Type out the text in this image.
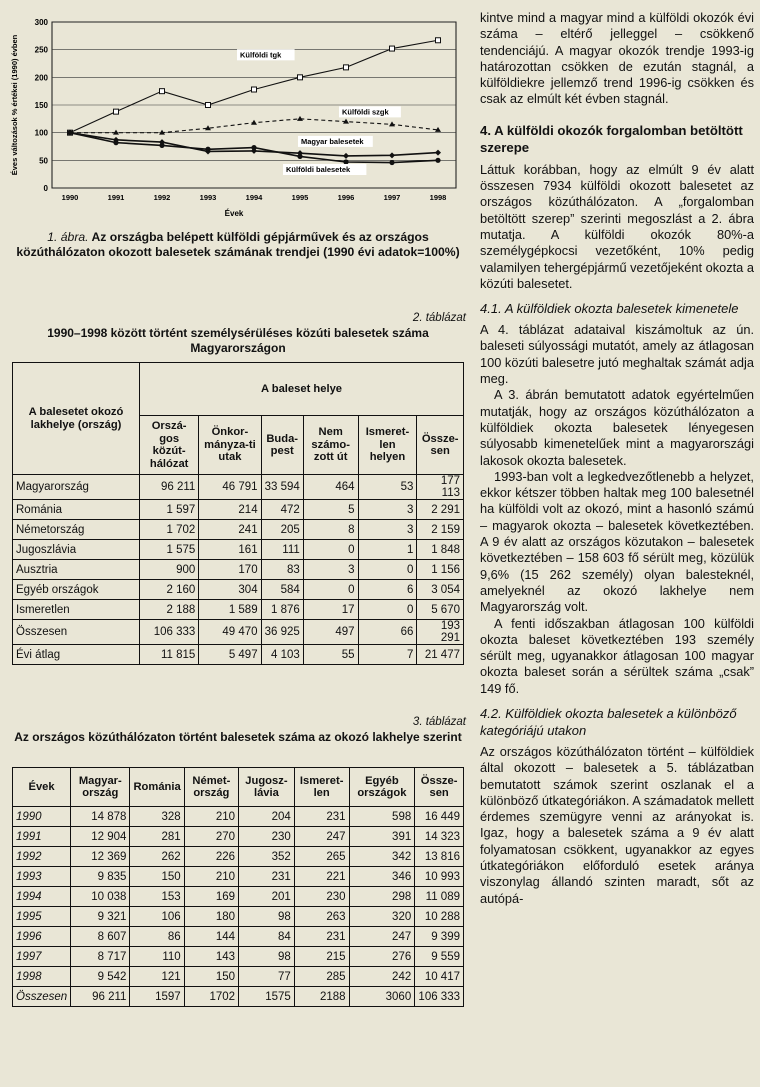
0
50
100
150
200
250
300
1990	1991	1992	1993	1994	1995	1996	1997	1998
Évek
Éves változások % értékei (1990) évben	Külföldi tgk
Külföldi szgk
Magyar balesetek
Külföldi balesetek
1. ábra. Az országba belépett külföldi gépjárművek és az országos közúthálózaton okozott balesetek számának trendjei (1990 évi adatok=100%)
2. táblázat
1990–1998 között történt személysérüléses közúti balesetek száma Magyarországon
A balesetet okozó lakhelye (ország)	A baleset helye					
	Orszá-gos közút-hálózat	Önkor-mányza-ti utak	Buda-pest	Nem számo-zott út	Ismeret-len helyen	Össze-sen
Magyarország	96 211	46 791	33 594	464	53	177 113
Románia	1 597	214	472	5	3	2 291
Németország	1 702	241	205	8	3	2 159
Jugoszlávia	1 575	161	111	0	1	1 848
Ausztria	900	170	83	3	0	1 156
Egyéb országok	2 160	304	584	0	6	3 054
Ismeretlen	2 188	1 589	1 876	17	0	5 670
Összesen	106 333	49 470	36 925	497	66	193 291
Évi átlag	11 815	5 497	4 103	55	7	21 477
3. táblázat
Az országos közúthálózaton történt balesetek száma az okozó lakhelye szerint
Évek	Magyar-ország	Románia	Német-ország	Jugosz-lávia	Ismeret-len	Egyéb országok	Össze-sen
1990	14 878	328	210	204	231	598	16 449
1991	12 904	281	270	230	247	391	14 323
1992	12 369	262	226	352	265	342	13 816
1993	9 835	150	210	231	221	346	10 993
1994	10 038	153	169	201	230	298	11 089
1995	9 321	106	180	98	263	320	10 288
1996	8 607	86	144	84	231	247	9 399
1997	8 717	110	143	98	215	276	9 559
1998	9 542	121	150	77	285	242	10 417
Összesen	96 211	1597	1702	1575	2188	3060	106 333

kintve mind a magyar mind a külföldi okozók évi száma – eltérő jelleggel – csökkenő tendenciájú. A magyar okozók trendje 1993-ig határozottan csökken de ezután stagnál, a külföldiekre jellemző trend 1996-ig csökken és csak az elmúlt két évben stagnál.

4. A külföldi okozók forgalomban betöltött szerepe

Láttuk korábban, hogy az elmúlt 9 év alatt összesen 7934 külföldi okozott balesetet az országos közúthálózaton. A „forgalomban betöltött szerep” szerinti megoszlást a 2. ábra mutatja. A külföldi okozók 80%-a személygépkocsi vezetőként, 10% pedig valamilyen tehergépjármű vezetőjeként okozta a közúti balesetet.

4.1. A külföldiek okozta balesetek kimenetele

A 4. táblázat adataival kiszámoltuk az ún. baleseti súlyossági mutatót, amely az átlagosan 100 közúti balesetre jutó meghaltak számát adja meg.

A 3. ábrán bemutatott adatok egyértelműen mutatják, hogy az országos közúthálózaton a külföldiek okozta balesetek lényegesen súlyosabb kimenetelűek mint a magyarországi lakosok okozta balesetek.

1993-ban volt a legkedvezőtlenebb a helyzet, ekkor kétszer többen haltak meg 100 balesetnél ha külföldi volt az okozó, mint a hasonló számú – magyarok okozta – balesetek következtében. A 9 év alatt az országos közutakon – balesetek következtében – 158 603 fő sérült meg, közülük 9,6% (15 262 személy) olyan balesteknél, amelyeknél az okozó lakhelye nem Magyarország volt.

A fenti időszakban átlagosan 100 külföldi okozta baleset következtében 193 személy sérült meg, ugyanakkor átlagosan 100 magyar okozta baleset során a sérültek száma „csak” 149 fő.

4.2. Külföldiek okozta balesetek a különböző kategóriájú utakon

Az országos közúthálózaton történt – külföldiek által okozott – balesetek a 5. táblázatban bemutatott számok szerint oszlanak el a különböző útkategóriákon. A számadatok mellett érdemes szemügyre venni az arányokat is. Igaz, hogy a balesetek száma a 9 év alatt folyamatosan csökkent, ugyanakkor az egyes útkategóriákon előforduló esetek aránya viszonylag állandó szinten maradt, sőt az autópá-
